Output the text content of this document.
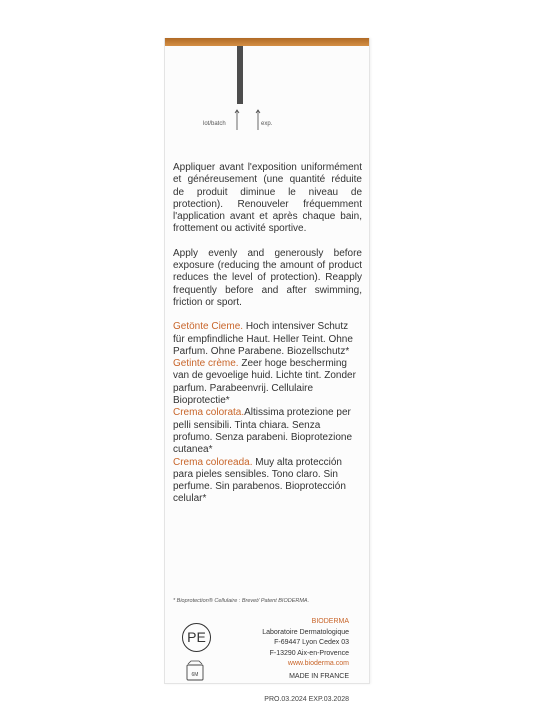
lot/batch	exp.

Appliquer avant l'exposition uniformément et généreusement (une quantité réduite de produit diminue le niveau de protection). Renouveler fréquemment l'application avant et après chaque bain, frottement ou activité sportive.

Apply evenly and generously before exposure (reducing the amount of product reduces the level of protection). Reapply frequently before and after swimming, friction or sport.

Getönte Cieme. Hoch intensiver Schutz für empfindliche Haut. Heller Teint. Ohne Parfum. Ohne Parabene. Biozellschutz*

Getinte crème. Zeer hoge bescherming van de gevoelige huid. Lichte tint. Zonder parfum. Parabeenvrij. Cellulaire Bioprotectie*

Crema colorata.Altissima protezione per pelli sensibili. Tinta chiara. Senza profumo. Senza parabeni. Bioprotezione cutanea*

Crema coloreada. Muy alta protección para pieles sensibles. Tono claro. Sin perfume. Sin parabenos. Bioprotección celular*

* Bioprotection® Cellulaire : Brevet/ Patent BIODERMA.
PE
6M
BIODERMA
Laboratoire Dermatologique
F-69447 Lyon Cedex 03
F-13290 Aix-en-Provence
www.bioderma.com
MADE IN FRANCE
PRO.03.2024 EXP.03.2028
